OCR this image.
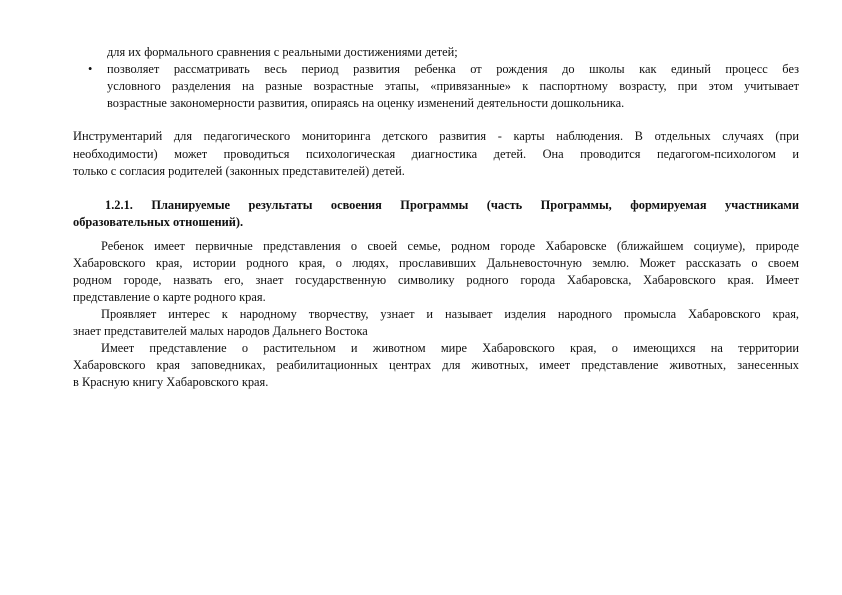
для их формального сравнения с реальными достижениями детей;
• позволяет рассматривать весь период развития ребенка от рождения до школы как единый процесс без
условного разделения на разные возрастные этапы, «привязанные» к паспортному возрасту, при этом учитывает
возрастные закономерности развития, опираясь на оценку изменений деятельности дошкольника.
Инструментарий для педагогического мониторинга детского развития - карты наблюдения. В отдельных случаях (при
необходимости) может проводиться психологическая диагностика детей. Она проводится педагогом-психологом и
только с согласия родителей (законных представителей) детей.
1.2.1. Планируемые результаты освоения Программы (часть Программы, формируемая участниками
образовательных отношений).
Ребенок имеет первичные представления о своей семье, родном городе Хабаровске (ближайшем социуме), природе
Хабаровского края, истории родного края, о людях, прославивших Дальневосточную землю. Может рассказать о своем
родном городе, назвать его, знает государственную символику родного города Хабаровска, Хабаровского края. Имеет
представление о карте родного края.
Проявляет интерес к народному творчеству, узнает и называет изделия народного промысла Хабаровского края,
знает представителей малых народов Дальнего Востока
Имеет представление о растительном и животном мире Хабаровского края, о имеющихся на территории
Хабаровского края заповедниках, реабилитационных центрах для животных, имеет представление животных, занесенных
в Красную книгу Хабаровского края.
